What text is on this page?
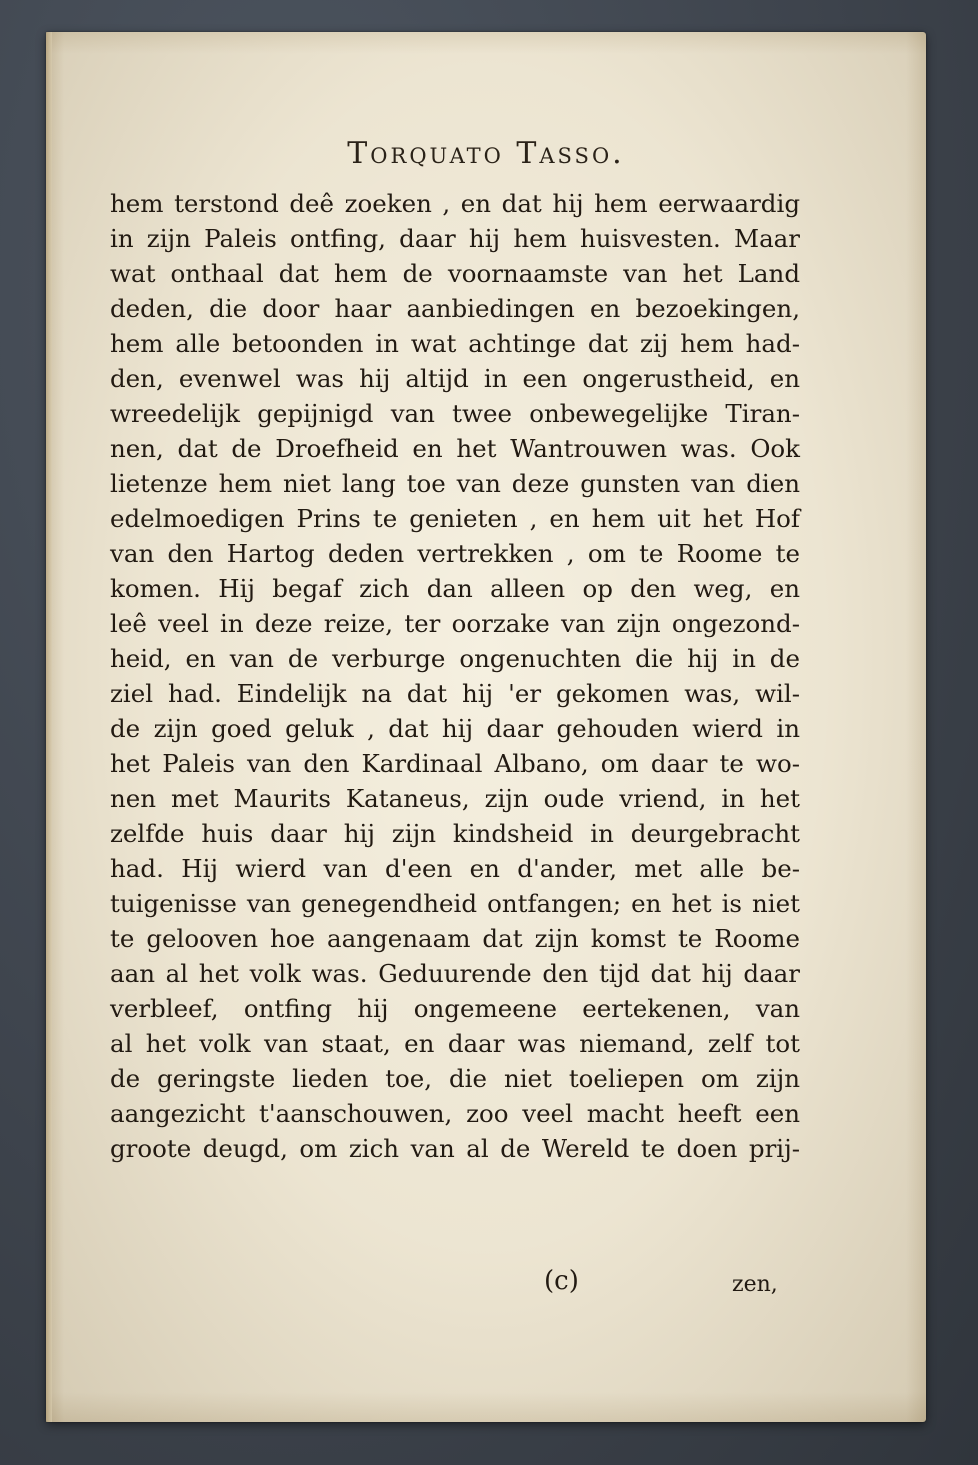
Torquato Tasso.
hem terstond deê zoeken , en dat hij hem eerwaardig
in zijn Paleis ontfing, daar hij hem huisvesten. Maar
wat onthaal dat hem de voornaamste van het Land
deden, die door haar aanbiedingen en bezoekingen,
hem alle betoonden in wat achtinge dat zij hem had-
den, evenwel was hij altijd in een ongerustheid, en
wreedelijk gepijnigd van twee onbewegelijke Tiran-
nen, dat de Droefheid en het Wantrouwen was. Ook
lietenze hem niet lang toe van deze gunsten van dien
edelmoedigen Prins te genieten , en hem uit het Hof
van den Hartog deden vertrekken , om te Roome te
komen. Hij begaf zich dan alleen op den weg, en
leê veel in deze reize, ter oorzake van zijn ongezond-
heid, en van de verburge ongenuchten die hij in de
ziel had. Eindelijk na dat hij 'er gekomen was, wil-
de zijn goed geluk , dat hij daar gehouden wierd in
het Paleis van den Kardinaal Albano, om daar te wo-
nen met Maurits Kataneus, zijn oude vriend, in het
zelfde huis daar hij zijn kindsheid in deurgebracht
had. Hij wierd van d'een en d'ander, met alle be-
tuigenisse van genegendheid ontfangen; en het is niet
te gelooven hoe aangenaam dat zijn komst te Roome
aan al het volk was. Geduurende den tijd dat hij daar
verbleef, ontfing hij ongemeene eertekenen, van
al het volk van staat, en daar was niemand, zelf tot
de geringste lieden toe, die niet toeliepen om zijn
aangezicht t'aanschouwen, zoo veel macht heeft een
groote deugd, om zich van al de Wereld te doen prij-
(c)	zen,
